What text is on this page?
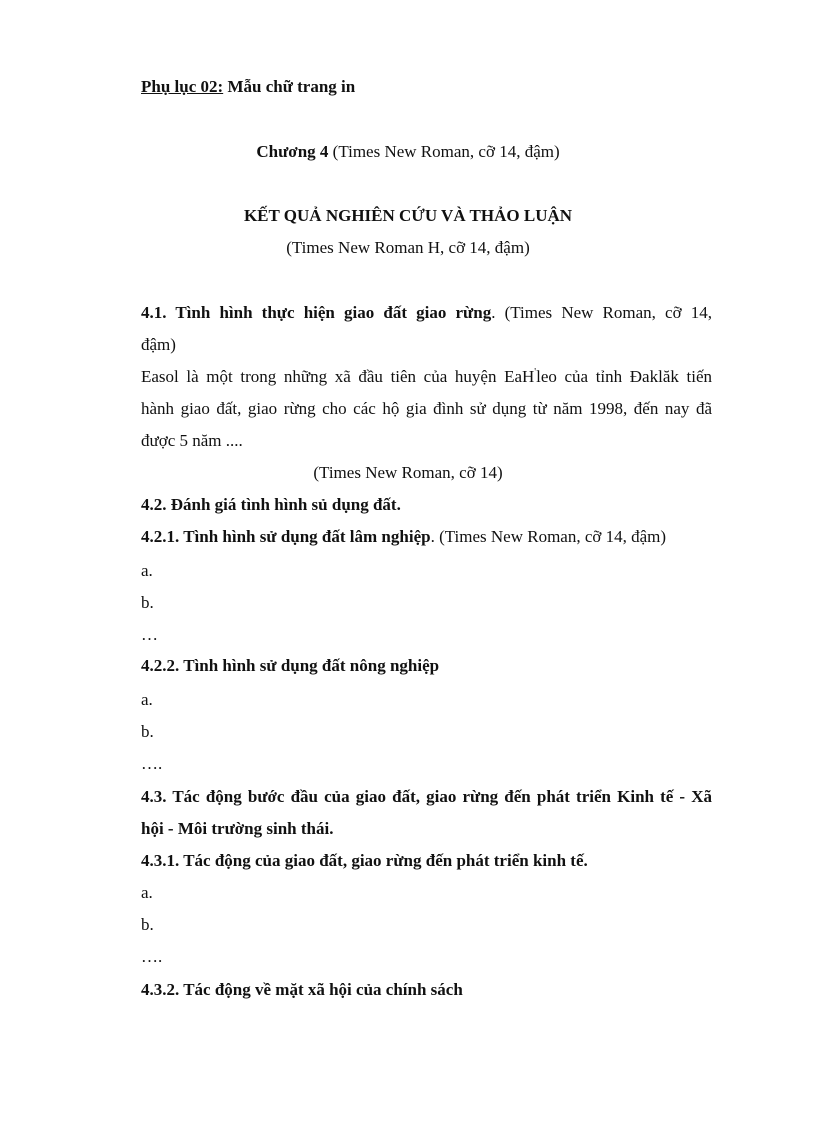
Phụ lục 02: Mẫu chữ trang in
Chương 4 (Times New Roman, cỡ 14, đậm)
KẾT QUẢ NGHIÊN CỨU VÀ THẢO LUẬN
(Times New Roman H, cỡ 14, đậm)
4.1. Tình hình thực hiện giao đất giao rừng. (Times New Roman, cỡ 14,
đậm)
Easol là một trong những xã đầu tiên của huyện EaH'leo của tỉnh Đaklăk tiến
hành giao đất, giao rừng cho các hộ gia đình sử dụng từ năm 1998, đến nay đã
được 5 năm ....
(Times New Roman, cỡ 14)
4.2. Đánh giá tình hình sủ dụng đất.
4.2.1. Tình hình sử dụng đất lâm nghiệp. (Times New Roman, cỡ 14, đậm)
a.
b.
…
4.2.2. Tình hình sử dụng đất nông nghiệp
a.
b.
….
4.3. Tác động bước đầu của giao đất, giao rừng đến phát triển Kinh tế - Xã
hội - Môi trường sinh thái.
4.3.1. Tác động của giao đất, giao rừng đến phát triển kinh tế.
a.
b.
….
4.3.2. Tác động về mặt xã hội của chính sách
